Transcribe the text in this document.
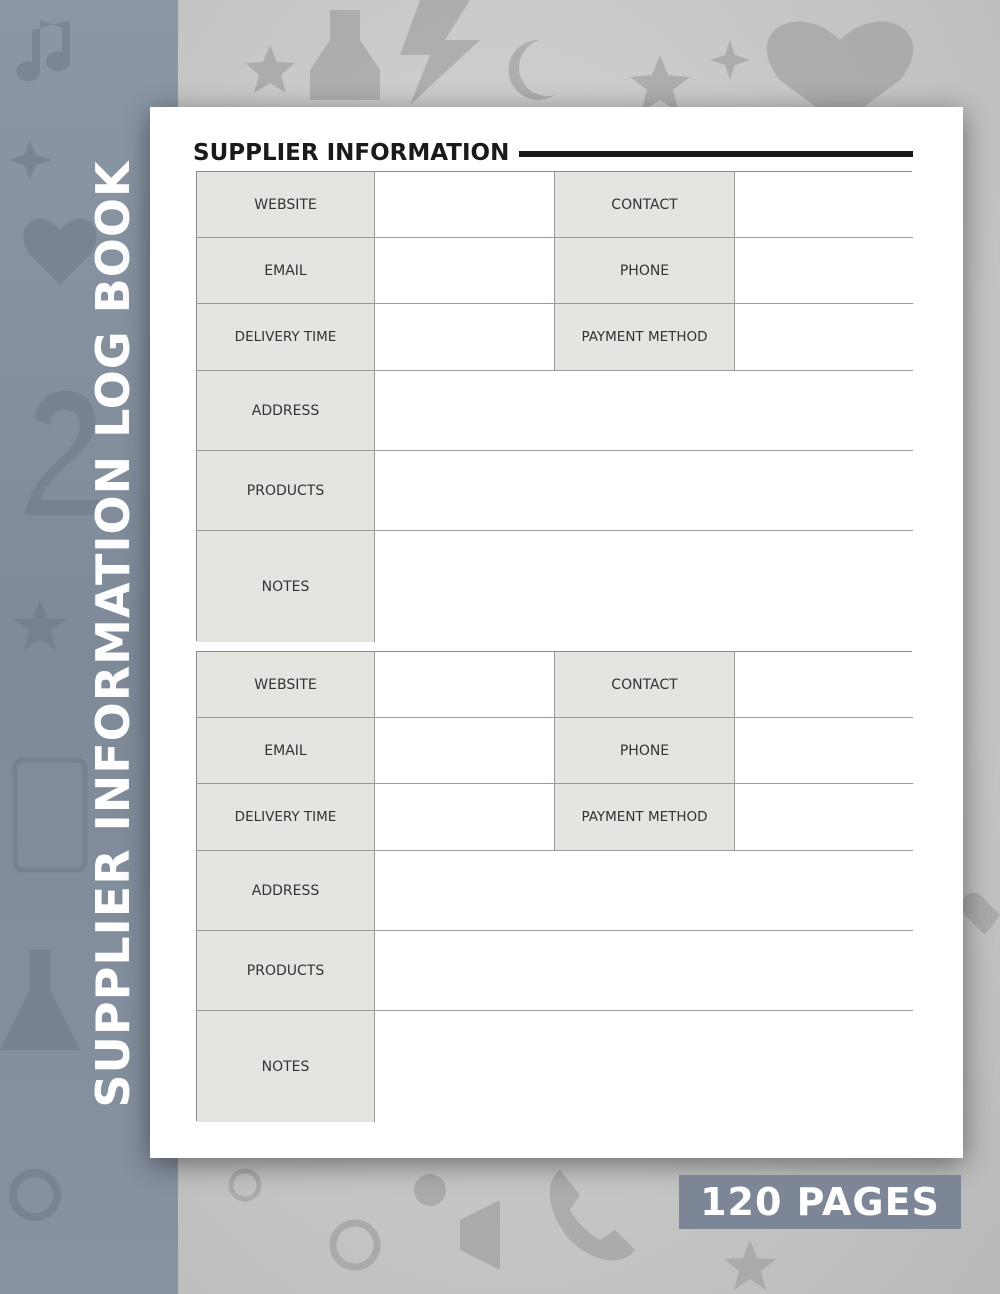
SUPPLIER INFORMATION LOG BOOK
SUPPLIER INFORMATION
WEBSITE	CONTACT
EMAIL	PHONE
DELIVERY TIME	PAYMENT METHOD
ADDRESS
PRODUCTS
NOTES
WEBSITE	CONTACT
EMAIL	PHONE
DELIVERY TIME	PAYMENT METHOD
ADDRESS
PRODUCTS
NOTES
120 PAGES
